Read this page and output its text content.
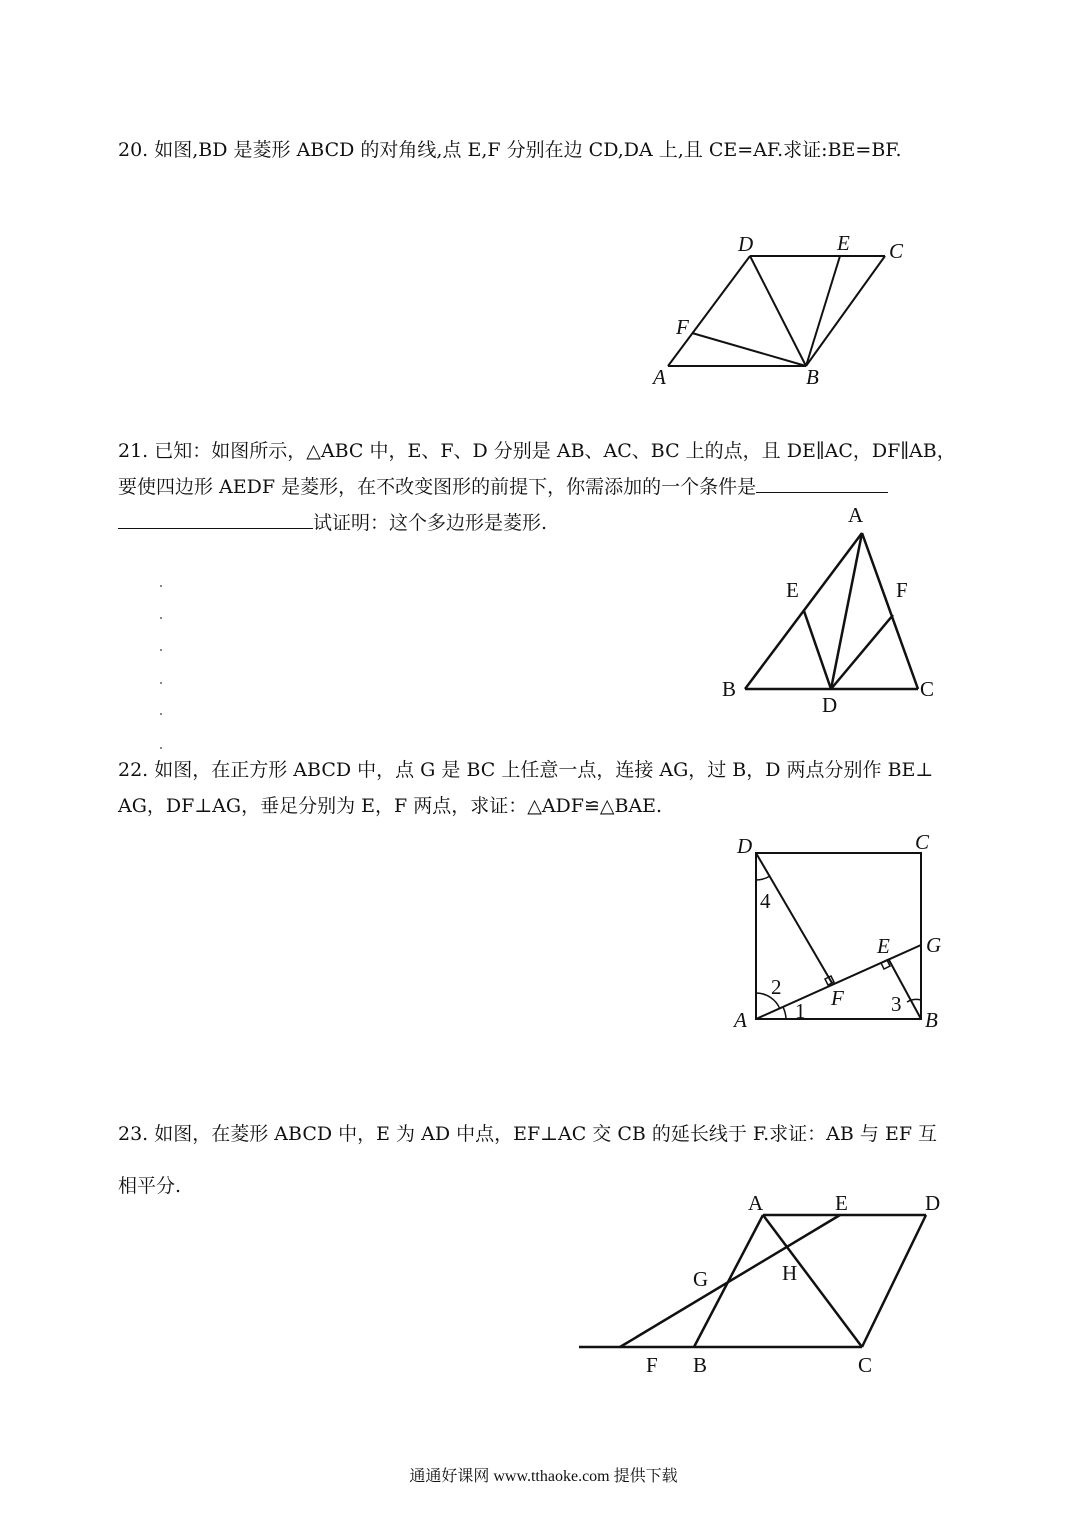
20. 如图,BD 是菱形 ABCD 的对角线,点 E,F 分别在边 CD,DA 上,且 CE=AF.求证:BE=BF.
A	B
C
D	E
F
21. 已知：如图所示，△ABC 中，E、F、D 分别是 AB、AC、BC 上的点，且 DE∥AC，DF∥AB，
要使四边形 AEDF 是菱形，在不改变图形的前提下，你需添加的一个条件是
试证明：这个多边形是菱形.	A
B	C
D
E	F
22. 如图，在正方形 ABCD 中，点 G 是 BC 上任意一点，连接 AG，过 B，D 两点分别作 BE⊥
AG，DF⊥AG，垂足分别为 E，F 两点，求证：△ADF≌△BAE.
D	C
A	B
G
E
F
1
2
3
4
23. 如图，在菱形 ABCD 中，E 为 AD 中点，EF⊥AC 交 CB 的延长线于 F.求证：AB 与 EF 互
相平分.
A	E	D
G	H
F B	C
通通好课网 www.tthaoke.com 提供下载
